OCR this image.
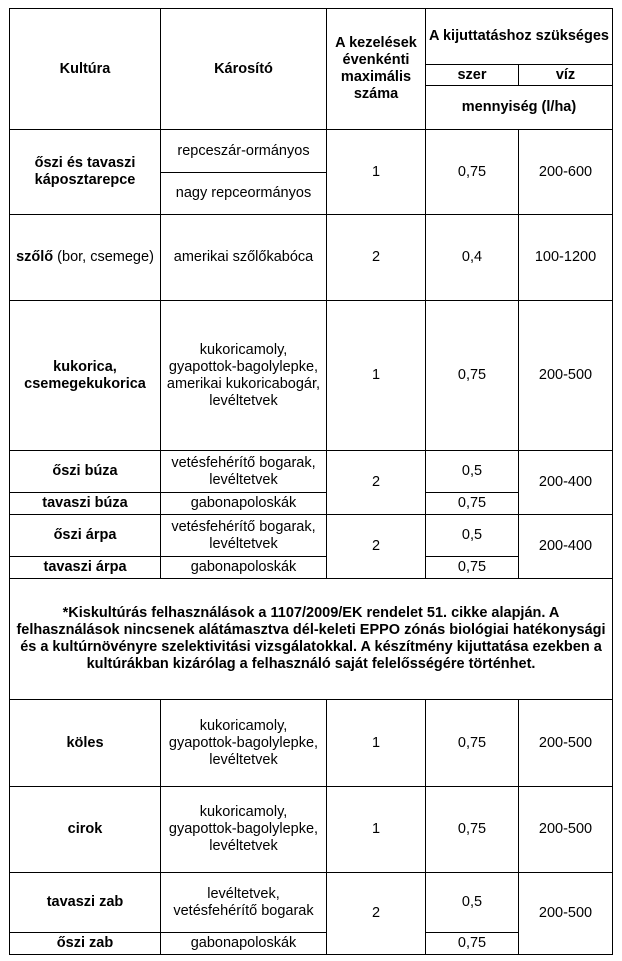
Kultúra	Károsító	A kezelések évenkénti maximális száma	A kijuttatáshoz szükséges	
			szer	víz
			mennyiség (l/ha)	
őszi és tavaszi káposztarepce	repceszár-ormányos	1	0,75	200-600
	nagy repceormányos			
szőlő (bor, csemege)	amerikai szőlőkabóca	2	0,4	100-1200
kukorica, csemegekukorica	kukoricamoly, gyapottok-bagolylepke, amerikai kukoricabogár, levéltetvek	1	0,75	200-500
őszi búza	vetésfehérítő bogarak, levéltetvek	2	0,5	200-400
tavaszi búza	gabonapoloskák		0,75	
őszi árpa	vetésfehérítő bogarak, levéltetvek	2	0,5	200-400
tavaszi árpa	gabonapoloskák		0,75	
*Kiskultúrás felhasználások a 1107/2009/EK rendelet 51. cikke alapján. A felhasználások nincsenek alátámasztva dél-keleti EPPO zónás biológiai hatékonysági és a kultúrnövényre szelektivitási vizsgálatokkal. A készítmény kijuttatása ezekben a kultúrákban kizárólag a felhasználó saját felelősségére történhet.				
köles	kukoricamoly, gyapottok-bagolylepke, levéltetvek	1	0,75	200-500
cirok	kukoricamoly, gyapottok-bagolylepke, levéltetvek	1	0,75	200-500
tavaszi zab	levéltetvek, vetésfehérítő bogarak	2	0,5	200-500
őszi zab	gabonapoloskák		0,75	
